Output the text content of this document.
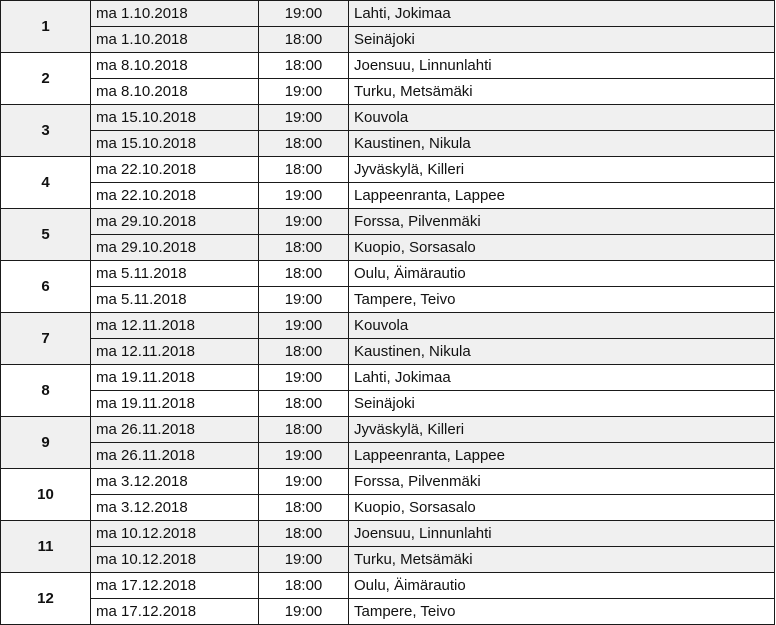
1	ma 1.10.2018	19:00	Lahti, Jokimaa
	ma 1.10.2018	18:00	Seinäjoki
2	ma 8.10.2018	18:00	Joensuu, Linnunlahti
	ma 8.10.2018	19:00	Turku, Metsämäki
3	ma 15.10.2018	19:00	Kouvola
	ma 15.10.2018	18:00	Kaustinen, Nikula
4	ma 22.10.2018	18:00	Jyväskylä, Killeri
	ma 22.10.2018	19:00	Lappeenranta, Lappee
5	ma 29.10.2018	19:00	Forssa, Pilvenmäki
	ma 29.10.2018	18:00	Kuopio, Sorsasalo
6	ma 5.11.2018	18:00	Oulu, Äimärautio
	ma 5.11.2018	19:00	Tampere, Teivo
7	ma 12.11.2018	19:00	Kouvola
	ma 12.11.2018	18:00	Kaustinen, Nikula
8	ma 19.11.2018	19:00	Lahti, Jokimaa
	ma 19.11.2018	18:00	Seinäjoki
9	ma 26.11.2018	18:00	Jyväskylä, Killeri
	ma 26.11.2018	19:00	Lappeenranta, Lappee
10	ma 3.12.2018	19:00	Forssa, Pilvenmäki
	ma 3.12.2018	18:00	Kuopio, Sorsasalo
11	ma 10.12.2018	18:00	Joensuu, Linnunlahti
	ma 10.12.2018	19:00	Turku, Metsämäki
12	ma 17.12.2018	18:00	Oulu, Äimärautio
	ma 17.12.2018	19:00	Tampere, Teivo
